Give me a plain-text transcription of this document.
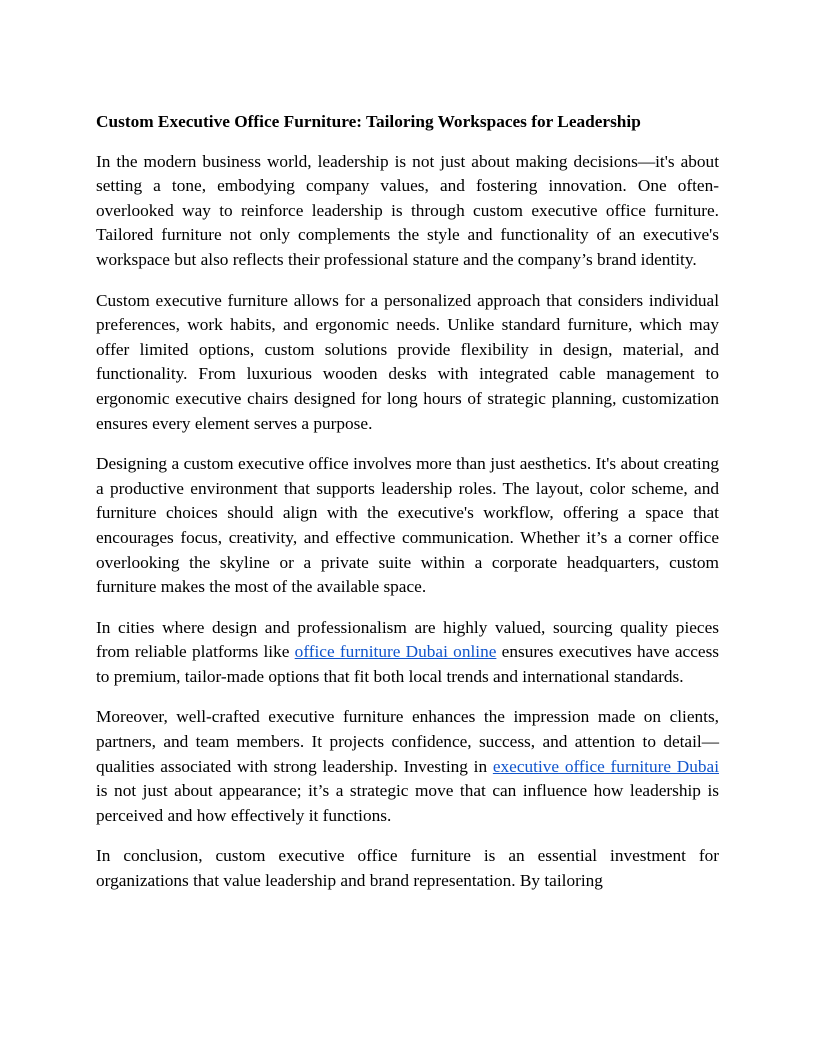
Custom Executive Office Furniture: Tailoring Workspaces for Leadership

In the modern business world, leadership is not just about making decisions—it's about setting a tone, embodying company values, and fostering innovation. One often-overlooked way to reinforce leadership is through custom executive office furniture. Tailored furniture not only complements the style and functionality of an executive's workspace but also reflects their professional stature and the company’s brand identity.

Custom executive furniture allows for a personalized approach that considers individual preferences, work habits, and ergonomic needs. Unlike standard furniture, which may offer limited options, custom solutions provide flexibility in design, material, and functionality. From luxurious wooden desks with integrated cable management to ergonomic executive chairs designed for long hours of strategic planning, customization ensures every element serves a purpose.

Designing a custom executive office involves more than just aesthetics. It's about creating a productive environment that supports leadership roles. The layout, color scheme, and furniture choices should align with the executive's workflow, offering a space that encourages focus, creativity, and effective communication. Whether it’s a corner office overlooking the skyline or a private suite within a corporate headquarters, custom furniture makes the most of the available space.

In cities where design and professionalism are highly valued, sourcing quality pieces from reliable platforms like office furniture Dubai online ensures executives have access to premium, tailor-made options that fit both local trends and international standards.

Moreover, well-crafted executive furniture enhances the impression made on clients, partners, and team members. It projects confidence, success, and attention to detail—qualities associated with strong leadership. Investing in executive office furniture Dubai is not just about appearance; it’s a strategic move that can influence how leadership is perceived and how effectively it functions.

In conclusion, custom executive office furniture is an essential investment for organizations that value leadership and brand representation. By tailoring
